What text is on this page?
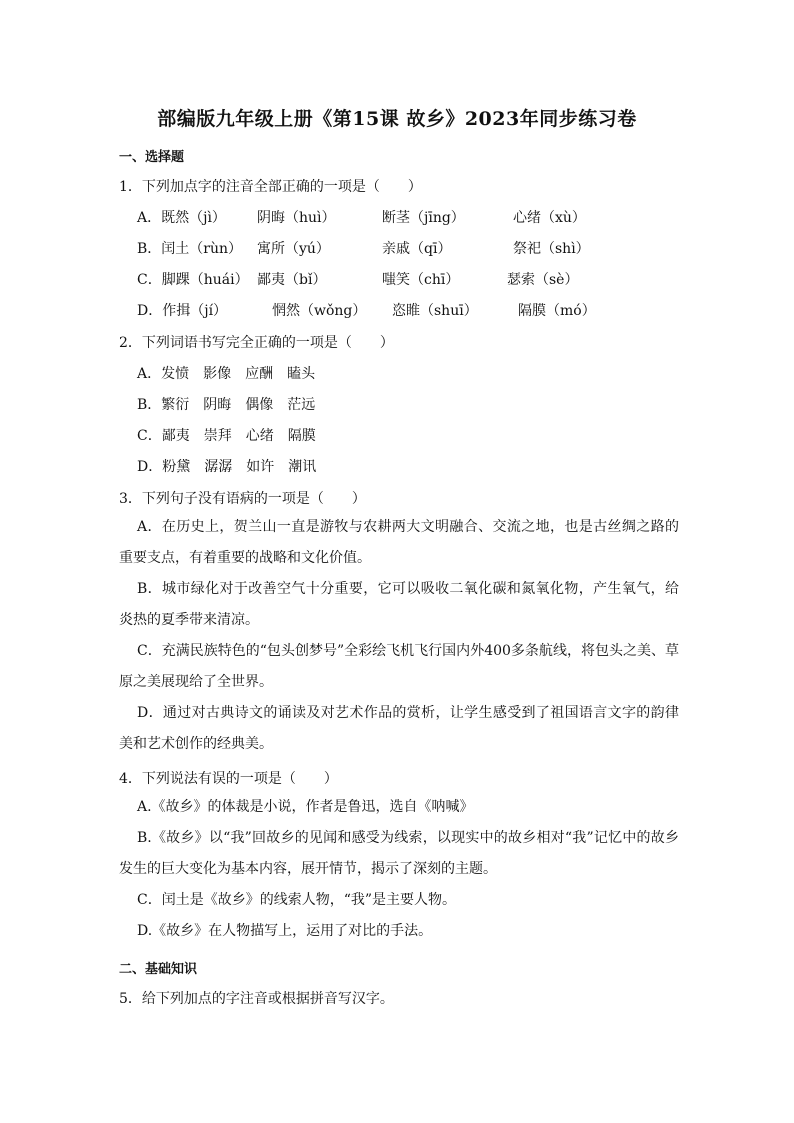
部编版九年级上册《第15课 故乡》2023年同步练习卷
一、选择题
1．下列加点字的注音全部正确的一项是（　　）
A．既然（jì） 阴晦（huì）	断茎（jīng）	心绪（xù）
B．闰土（rùn） 寓所（yú）	亲戚（qī）	祭祀（shì）
C．脚踝（huái） 鄙夷（bǐ）	嗤笑（chī）	瑟索（sè）
D．作揖（jí）	惘然（wǒng） 恣睢（shuī）	隔膜（mó）
2．下列词语书写完全正确的一项是（　　）
A．发愤　影像　应酬　瞌头
B．繁衍　阴晦　偶像　茫远
C．鄙夷　崇拜　心绪　隔膜
D．粉黛　潺潺　如许　潮讯
3．下列句子没有语病的一项是（　　）
A．在历史上，贺兰山一直是游牧与农耕两大文明融合、交流之地，也是古丝绸之路的重要支点，有着重要的战略和文化价值。
B．城市绿化对于改善空气十分重要，它可以吸收二氧化碳和氮氧化物，产生氧气，给炎热的夏季带来清凉。
C．充满民族特色的“包头创梦号”全彩绘飞机飞行国内外400多条航线，将包头之美、草原之美展现给了全世界。
D．通过对古典诗文的诵读及对艺术作品的赏析，让学生感受到了祖国语言文字的韵律美和艺术创作的经典美。
4．下列说法有误的一项是（　　）
A.《故乡》的体裁是小说，作者是鲁迅，选自《呐喊》
B.《故乡》以“我”回故乡的见闻和感受为线索，以现实中的故乡相对“我”记忆中的故乡发生的巨大变化为基本内容，展开情节，揭示了深刻的主题。
C．闰土是《故乡》的线索人物，“我”是主要人物。
D.《故乡》在人物描写上，运用了对比的手法。
二、基础知识
5．给下列加点的字注音或根据拼音写汉字。
